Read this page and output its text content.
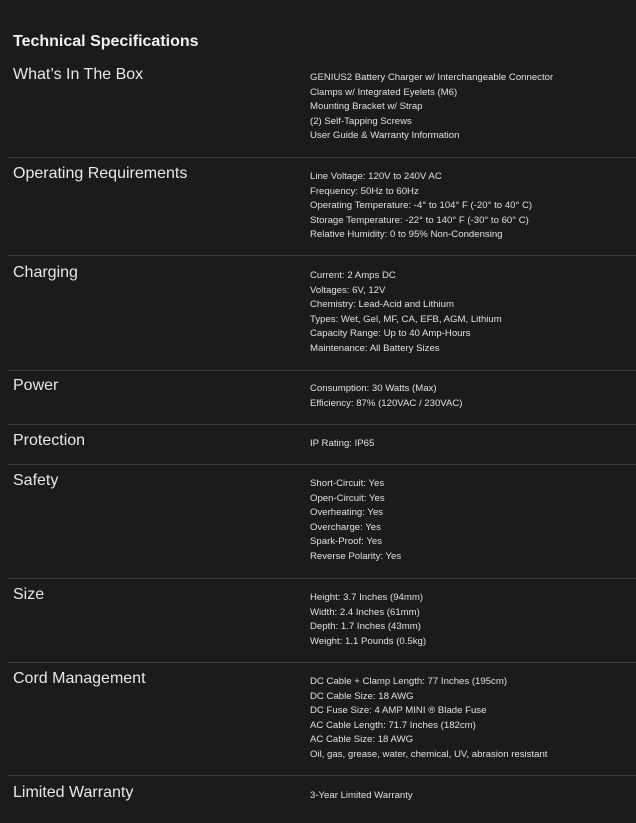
Technical Specifications
What’s In The Box	GENIUS2 Battery Charger w/ Interchangeable Connector
Clamps w/ Integrated Eyelets (M6)
Mounting Bracket w/ Strap
(2) Self-Tapping Screws
User Guide & Warranty Information
Operating Requirements	Line Voltage: 120V to 240V AC
Frequency: 50Hz to 60Hz
Operating Temperature: -4° to 104° F (-20° to 40° C)
Storage Temperature: -22° to 140° F (-30° to 60° C)
Relative Humidity: 0 to 95% Non-Condensing
Charging	Current: 2 Amps DC
Voltages: 6V, 12V
Chemistry: Lead-Acid and Lithium
Types: Wet, Gel, MF, CA, EFB, AGM, Lithium
Capacity Range: Up to 40 Amp-Hours
Maintenance: All Battery Sizes
Power	Consumption: 30 Watts (Max)
Efficiency: 87% (120VAC / 230VAC)
Protection	IP Rating: IP65
Safety	Short-Circuit: Yes
Open-Circuit: Yes
Overheating: Yes
Overcharge: Yes
Spark-Proof: Yes
Reverse Polarity: Yes
Size	Height: 3.7 Inches (94mm)
Width: 2.4 Inches (61mm)
Depth: 1.7 Inches (43mm)
Weight: 1.1 Pounds (0.5kg)
Cord Management	DC Cable + Clamp Length: 77 Inches (195cm)
DC Cable Size: 18 AWG
DC Fuse Size: 4 AMP MINI ® Blade Fuse
AC Cable Length: 71.7 Inches (182cm)
AC Cable Size: 18 AWG
Oil, gas, grease, water, chemical, UV, abrasion resistant
Limited Warranty	3-Year Limited Warranty
